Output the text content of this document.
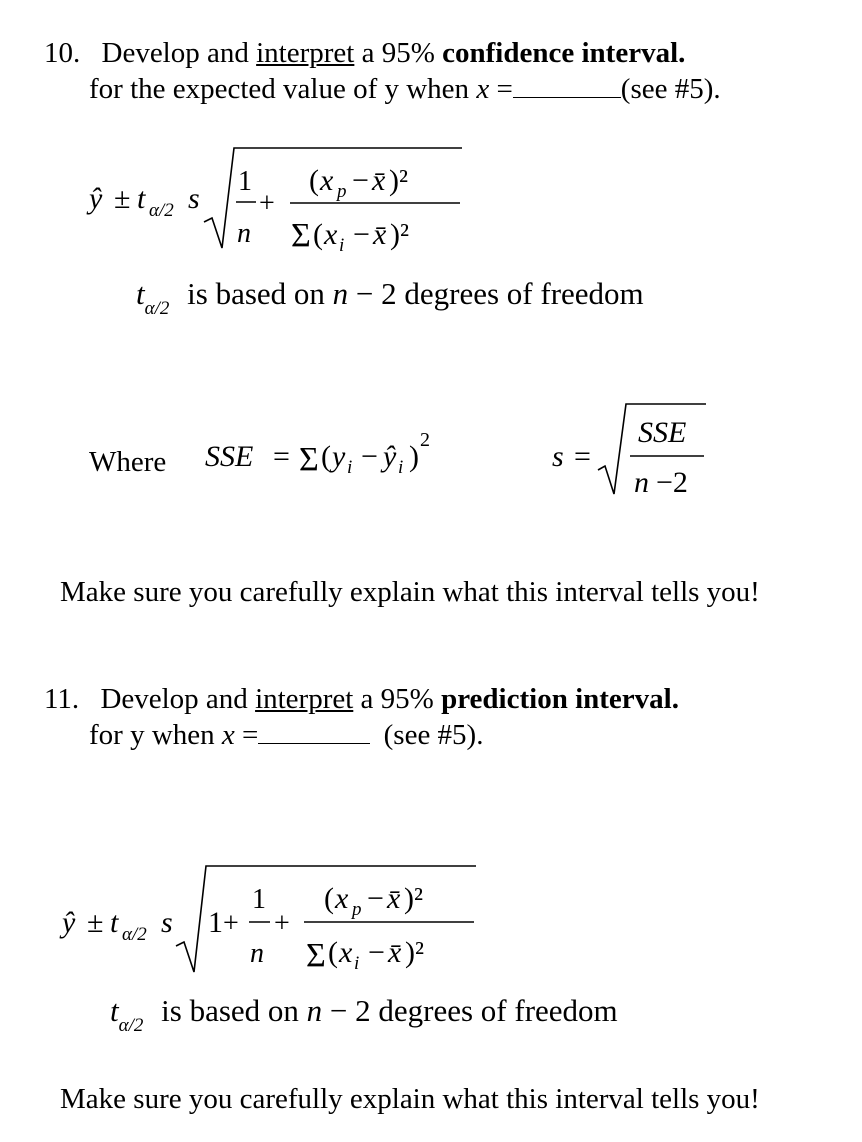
10. Develop and interpret a 95% confidence interval.
for the expected value of y when x =	(see #5).
ŷ ± t α/2 s
1
n
+
( x p − x̄ )²
Σ ( x i − x̄ )²
$t_{\alpha/2}$ is based on n − 2 degrees of freedom
Where SSE = Σ ( y i − ŷ i ) 2	s =
SSE
n −2
Make sure you carefully explain what this interval tells you!
11. Develop and interpret a 95% prediction interval.
for y when x =	(see #5).
ŷ ± t α/2 s 1 +
1
n
+
( x p − x̄ )²
Σ ( x i − x̄ )²
$t_{\alpha/2}$ is based on n − 2 degrees of freedom
Make sure you carefully explain what this interval tells you!
